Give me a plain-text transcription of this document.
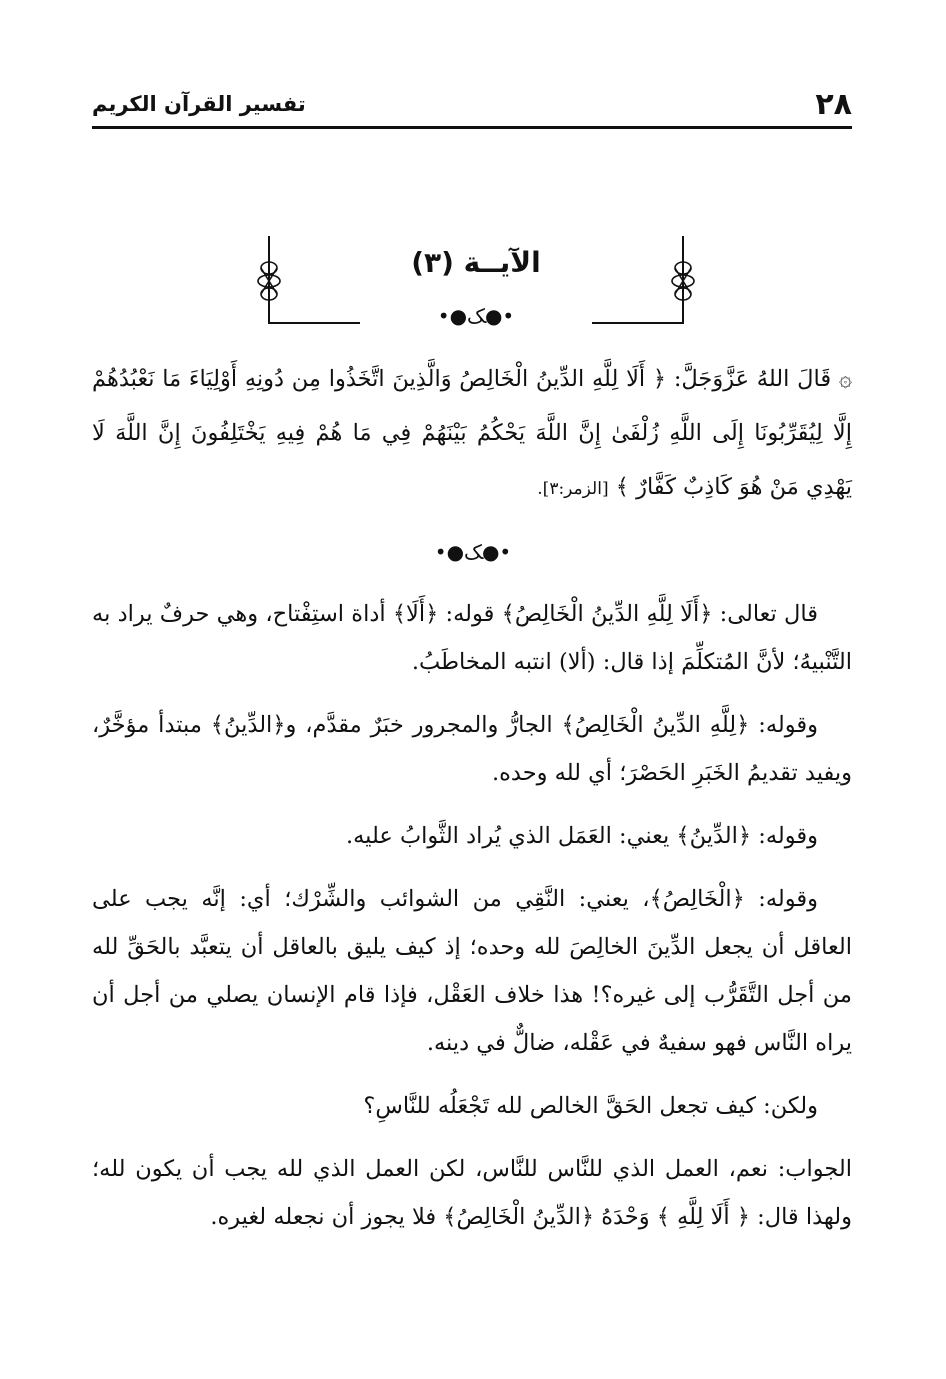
٢٨
تفسير القرآن الكريم
الآيــة (٣)
•●ﮏ●•
۞ قَالَ اللهُ عَزَّوَجَلَّ: ﴿ أَلَا لِلَّهِ الدِّينُ الْخَالِصُ وَالَّذِينَ اتَّخَذُوا مِن دُونِهِ أَوْلِيَاءَ مَا نَعْبُدُهُمْ إِلَّا لِيُقَرِّبُونَا إِلَى اللَّهِ زُلْفَىٰ إِنَّ اللَّهَ يَحْكُمُ بَيْنَهُمْ فِي مَا هُمْ فِيهِ يَخْتَلِفُونَ إِنَّ اللَّهَ لَا يَهْدِي مَنْ هُوَ كَاذِبٌ كَفَّارٌ ﴾ [الزمر:٣].
•●ﮏ●•

قال تعالى: ﴿أَلَا لِلَّهِ الدِّينُ الْخَالِصُ﴾ قوله: ﴿أَلَا﴾ أداة استِفْتاح، وهي حرفٌ يراد به التَّنْبيهُ؛ لأنَّ المُتكلِّمَ إذا قال: (ألا) انتبه المخاطَبُ.

وقوله: ﴿لِلَّهِ الدِّينُ الْخَالِصُ﴾ الجارُّ والمجرور خبَرٌ مقدَّم، و﴿الدِّينُ﴾ مبتدأ مؤخَّرٌ، ويفيد تقديمُ الخَبَرِ الحَصْرَ؛ أي لله وحده.

وقوله: ﴿الدِّينُ﴾ يعني: العَمَل الذي يُراد الثَّوابُ عليه.

وقوله: ﴿الْخَالِصُ﴾، يعني: النَّقِي من الشوائب والشِّرْك؛ أي: إنَّه يجب على العاقل أن يجعل الدِّينَ الخالِصَ لله وحده؛ إذ كيف يليق بالعاقل أن يتعبَّد بالحَقِّ لله من أجل التَّقَرُّب إلى غيره؟! هذا خلاف العَقْل، فإذا قام الإنسان يصلي من أجل أن يراه النَّاس فهو سفيهٌ في عَقْله، ضالٌّ في دينه.

ولكن: كيف تجعل الحَقَّ الخالص لله تَجْعَلُه للنَّاسِ؟

الجواب: نعم، العمل الذي للنَّاس للنَّاس، لكن العمل الذي لله يجب أن يكون لله؛ ولهذا قال: ﴿ أَلَا لِلَّهِ ﴾ وَحْدَهُ ﴿الدِّينُ الْخَالِصُ﴾ فلا يجوز أن نجعله لغيره.
